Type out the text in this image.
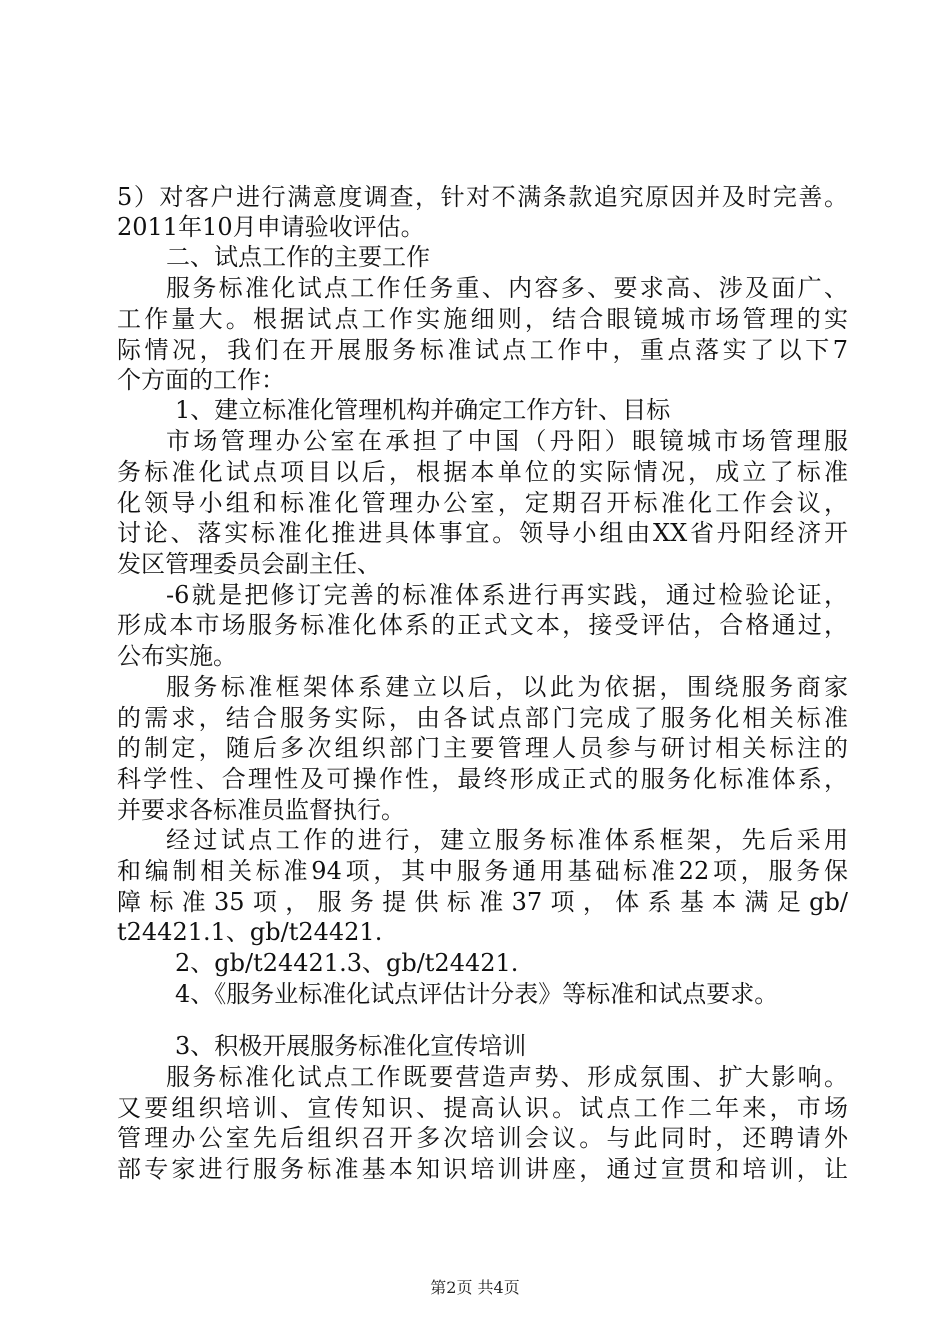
5）对客户进行满意度调查，针对不满条款追究原因并及时完善。
2011年10月申请验收评估。
二、试点工作的主要工作
服务标准化试点工作任务重、内容多、要求高、涉及面广、
工作量大。根据试点工作实施细则，结合眼镜城市场管理的实
际情况，我们在开展服务标准试点工作中，重点落实了以下7
个方面的工作：
1、建立标准化管理机构并确定工作方针、目标
市场管理办公室在承担了中国（丹阳）眼镜城市场管理服
务标准化试点项目以后，根据本单位的实际情况，成立了标准
化领导小组和标准化管理办公室，定期召开标准化工作会议，
讨论、落实标准化推进具体事宜。领导小组由XX省丹阳经济开
发区管理委员会副主任、
-6就是把修订完善的标准体系进行再实践，通过检验论证，
形成本市场服务标准化体系的正式文本，接受评估，合格通过，
公布实施。
服务标准框架体系建立以后，以此为依据，围绕服务商家
的需求，结合服务实际，由各试点部门完成了服务化相关标准
的制定，随后多次组织部门主要管理人员参与研讨相关标注的
科学性、合理性及可操作性，最终形成正式的服务化标准体系，
并要求各标准员监督执行。
经过试点工作的进行，建立服务标准体系框架，先后采用
和编制相关标准94项，其中服务通用基础标准22项，服务保
障标准35项，服务提供标准37项，体系基本满足gb/
t24421.1、gb/t24421.
2、gb/t24421.3、gb/t24421.
4、《服务业标准化试点评估计分表》等标准和试点要求。
3、积极开展服务标准化宣传培训
服务标准化试点工作既要营造声势、形成氛围、扩大影响。
又要组织培训、宣传知识、提高认识。试点工作二年来，市场
管理办公室先后组织召开多次培训会议。与此同时，还聘请外
部专家进行服务标准基本知识培训讲座，通过宣贯和培训，让
第2页 共4页
